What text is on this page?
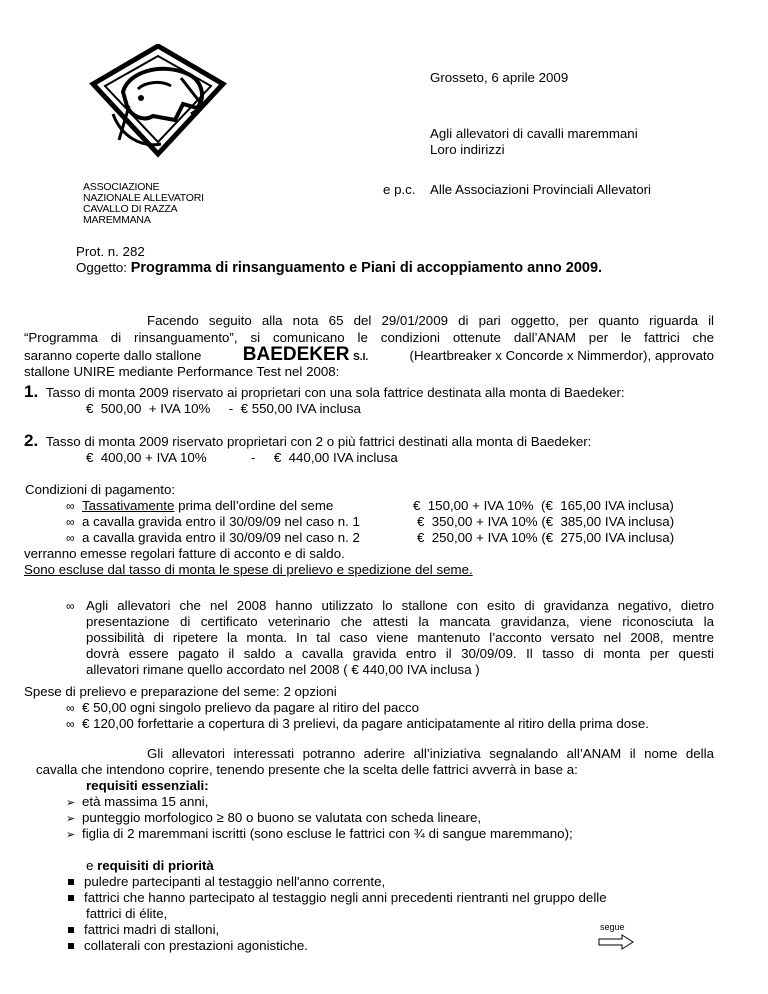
ASSOCIAZIONE
NAZIONALE ALLEVATORI
CAVALLO DI RAZZA
MAREMMANA
Grosseto, 6 aprile 2009
Agli allevatori di cavalli maremmani
Loro indirizzi
e p.c. Alle Associazioni Provinciali Allevatori
Prot. n. 282
Oggetto: Programma di rinsanguamento e Piani di accoppiamento anno 2009.
Facendo seguito alla nota 65 del 29/01/2009 di pari oggetto, per quanto riguarda il
“Programma di rinsanguamento”, si comunicano le condizioni ottenute dall’ANAM per le fattrici che
saranno coperte dallo stallone BAEDEKER S.I.	(Heartbreaker x Concorde x Nimmerdor), approvato
stallone UNIRE mediante Performance Test nel 2008:
1. Tasso di monta 2009 riservato ai proprietari con una sola fattrice destinata alla monta di Baedeker:
€  500,00  + IVA 10%     -  € 550,00 IVA inclusa
2. Tasso di monta 2009 riservato proprietari con 2 o più fattrici destinati alla monta di Baedeker:
€  400,00 + IVA 10%            -     €  440,00 IVA inclusa
Condizioni di pagamento:
∞ Tassativamente prima dell’ordine del seme	€  150,00 + IVA 10%  (€  165,00 IVA inclusa)
∞ a cavalla gravida entro il 30/09/09 nel caso n. 1	€  350,00 + IVA 10% (€  385,00 IVA inclusa)
∞ a cavalla gravida entro il 30/09/09 nel caso n. 2	€  250,00 + IVA 10% (€  275,00 IVA inclusa)
verranno emesse regolari fatture di acconto e di saldo.
Sono escluse dal tasso di monta le spese di prelievo e spedizione del seme.
∞ Agli allevatori che nel 2008 hanno utilizzato lo stallone con esito di gravidanza negativo, dietro
presentazione di certificato veterinario che attesti la mancata gravidanza, viene riconosciuta la
possibilità di ripetere la monta. In tal caso viene mantenuto l’acconto versato nel 2008, mentre
dovrà essere pagato il saldo a cavalla gravida entro il 30/09/09. Il tasso di monta per questi
allevatori rimane quello accordato nel 2008 ( € 440,00 IVA inclusa )
Spese di prelievo e preparazione del seme: 2 opzioni
∞ € 50,00 ogni singolo prelievo da pagare al ritiro del pacco
∞ € 120,00 forfettarie a copertura di 3 prelievi, da pagare anticipatamente al ritiro della prima dose.
Gli allevatori interessati potranno aderire all’iniziativa segnalando all’ANAM il nome della
cavalla che intendono coprire, tenendo presente che la scelta delle fattrici avverrà in base a:
requisiti essenziali:
➢ età massima 15 anni,
➢ punteggio morfologico ≥ 80 o buono se valutata con scheda lineare,
➢ figlia di 2 maremmani iscritti (sono escluse le fattrici con ¾ di sangue maremmano);
e requisiti di priorità
puledre partecipanti al testaggio nell'anno corrente,
fattrici che hanno partecipato al testaggio negli anni precedenti rientranti nel gruppo delle
fattrici di élite,
fattrici madri di stalloni,
collaterali con prestazioni agonistiche.
segue
